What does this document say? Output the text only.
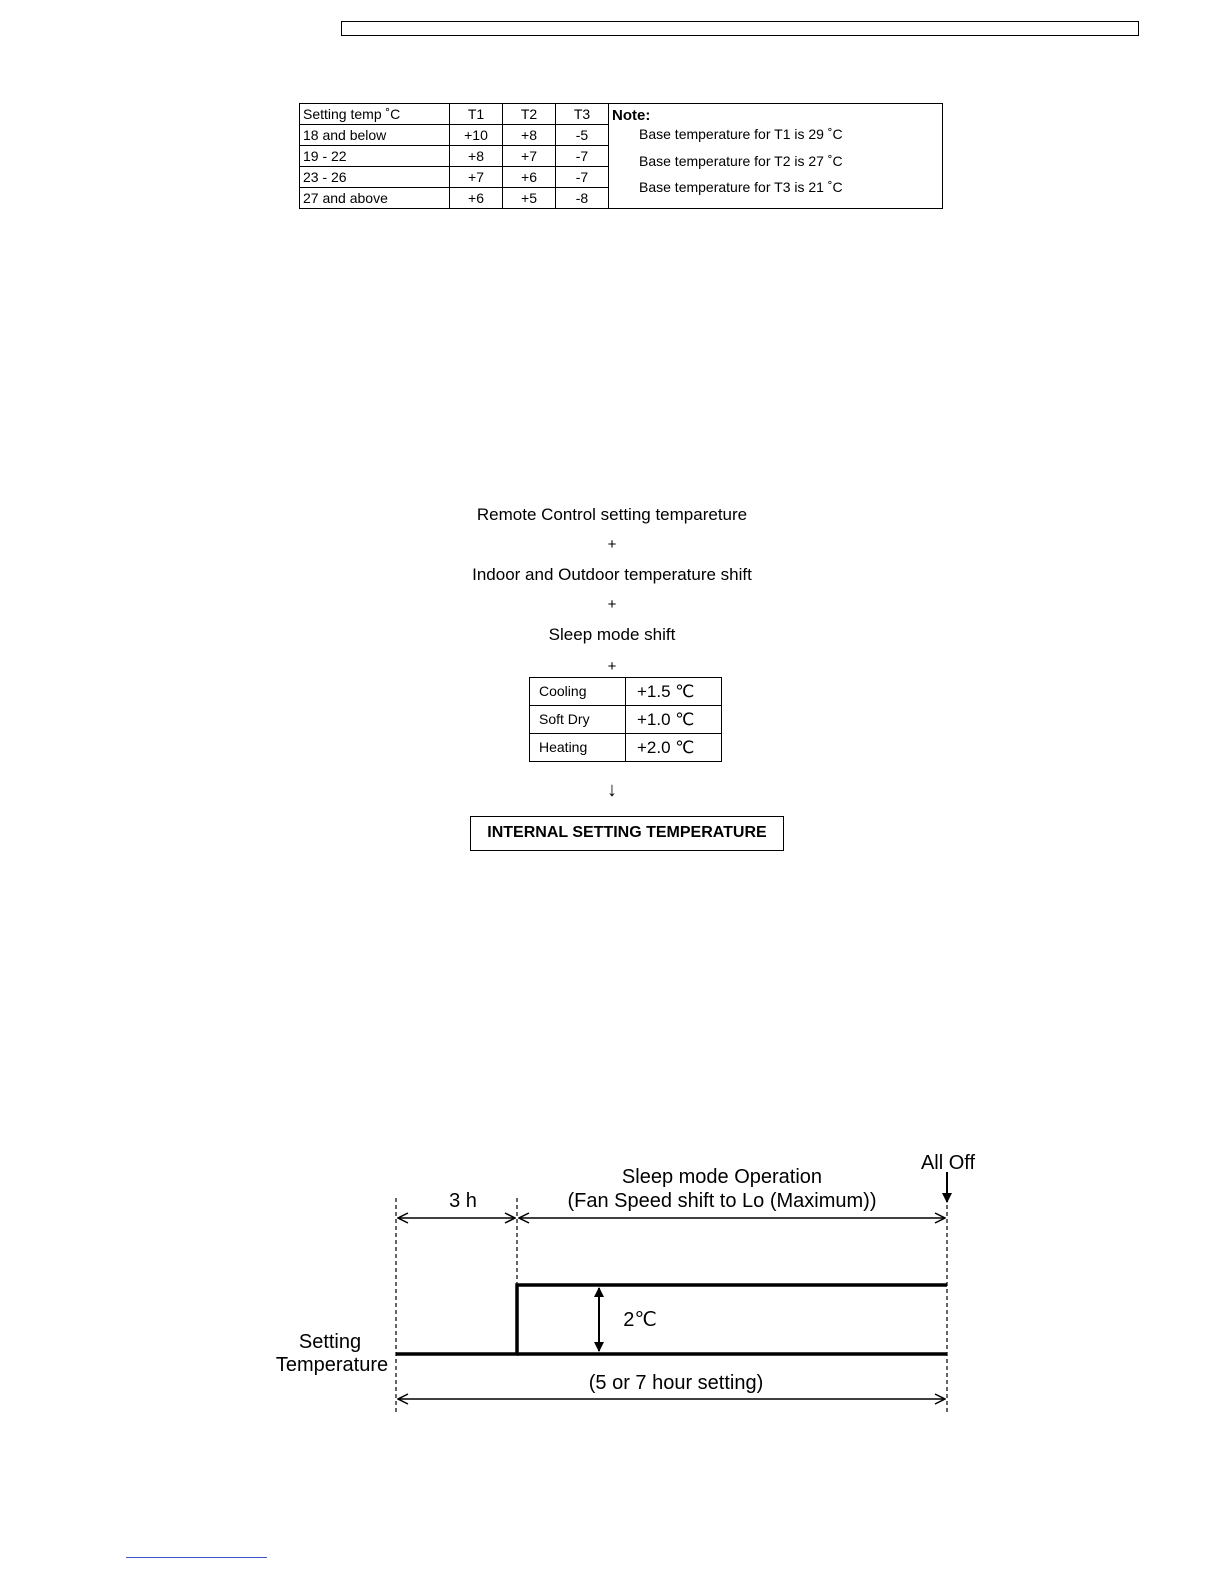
Setting temp ˚C	T1	T2	T3	Note:
Base temperature for T1 is 29 ˚C
Base temperature for T2 is 27 ˚C
Base temperature for T3 is 21 ˚C

18 and below	+10	+8	-5	
19 - 22	+8	+7	-7	
23 - 26	+7	+6	-7	
27 and above	+6	+5	-8	
Remote Control setting tempareture
+
Indoor and Outdoor temperature shift
+
Sleep mode shift
+
Cooling	+1.5 ℃
Soft Dry	+1.0 ℃
Heating	+2.0 ℃
↓
INTERNAL SETTING TEMPERATURE
All Off
Sleep mode Operation
(Fan Speed shift to Lo (Maximum))
3 h
2℃
Setting
Temperature
(5 or 7 hour setting)
